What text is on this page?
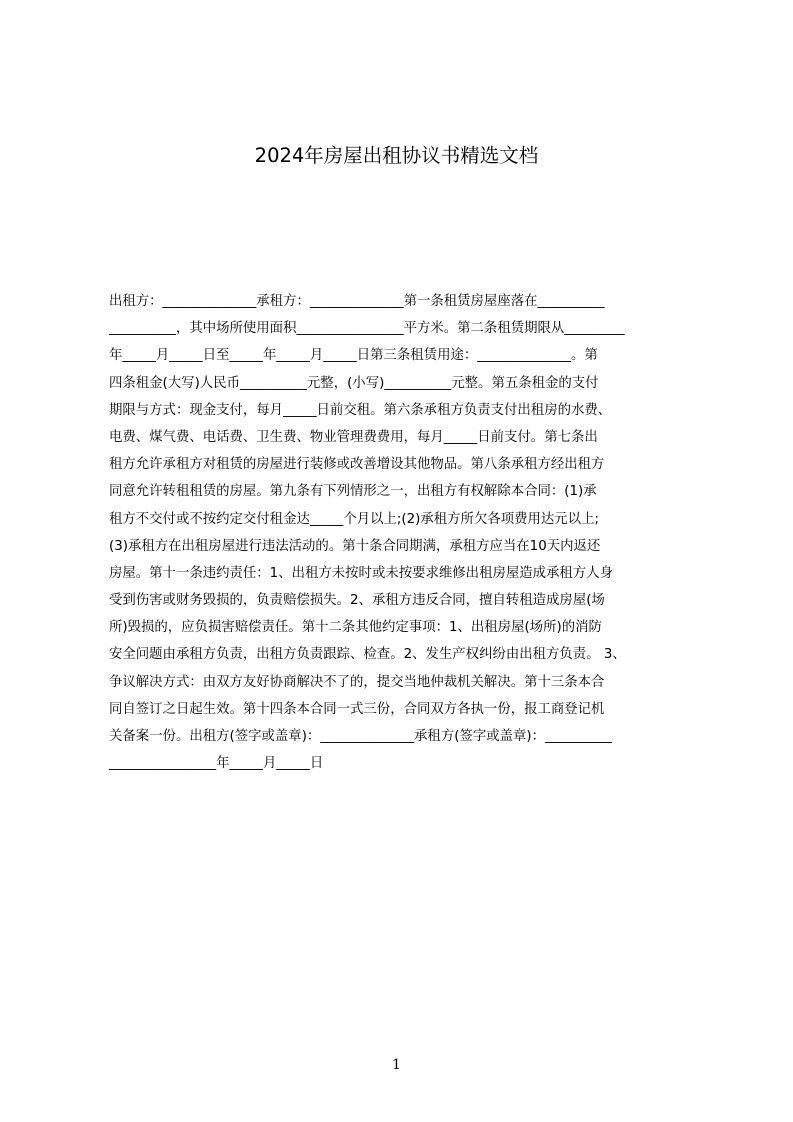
2024年房屋出租协议书精选文档
出租方：______________承租方：______________第一条租赁房屋座落在__________
__________，其中场所使用面积________________平方米。第二条租赁期限从_________
年_____月_____日至_____年_____月_____日第三条租赁用途：______________。第
四条租金(大写)人民币__________元整，(小写)__________元整。第五条租金的支付
期限与方式：现金支付，每月_____日前交租。第六条承租方负责支付出租房的水费、
电费、煤气费、电话费、卫生费、物业管理费费用，每月_____日前支付。第七条出
租方允许承租方对租赁的房屋进行装修或改善增设其他物品。第八条承租方经出租方
同意允许转租租赁的房屋。第九条有下列情形之一，出租方有权解除本合同：(1)承
租方不交付或不按约定交付租金达_____个月以上;(2)承租方所欠各项费用达元以上;
(3)承租方在出租房屋进行违法活动的。第十条合同期满，承租方应当在10天内返还
房屋。第十一条违约责任：1、出租方未按时或未按要求维修出租房屋造成承租方人身
受到伤害或财务毁损的，负责赔偿损失。2、承租方违反合同，擅自转租造成房屋(场
所)毁损的，应负损害赔偿责任。第十二条其他约定事项：1、出租房屋(场所)的消防
安全问题由承租方负责，出租方负责跟踪、检查。2、发生产权纠纷由出租方负责。 3、
争议解决方式：由双方友好协商解决不了的，提交当地仲裁机关解决。第十三条本合
同自签订之日起生效。第十四条本合同一式三份，合同双方各执一份，报工商登记机
关备案一份。出租方(签字或盖章)：______________承租方(签字或盖章)：__________
________________年_____月_____日
1
